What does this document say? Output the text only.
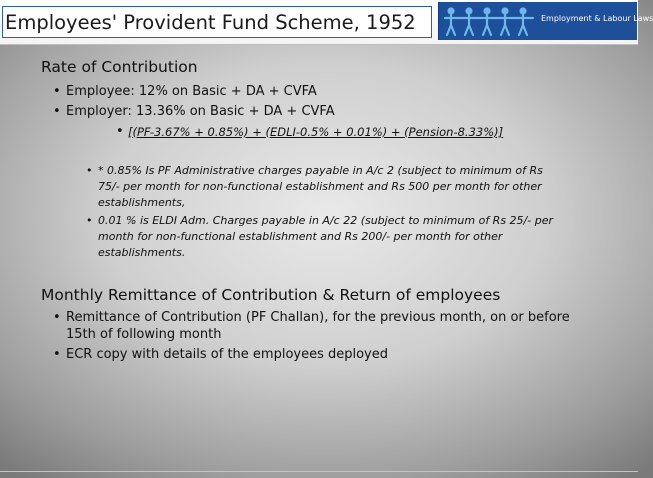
Employees' Provident Fund Scheme, 1952	Employment & Labour Laws
Rate of Contribution
• Employee: 12% on Basic + DA + CVFA
• Employer: 13.36% on Basic + DA + CVFA
• [(PF-3.67% + 0.85%) + (EDLI-0.5% + 0.01%) + (Pension-8.33%)]
• * 0.85% Is PF Administrative charges payable in A/c 2 (subject to minimum of Rs
75/- per month for non-functional establishment and Rs 500 per month for other
establishments,
• 0.01 % is ELDI Adm. Charges payable in A/c 22 (subject to minimum of Rs 25/- per
month for non-functional establishment and Rs 200/- per month for other
establishments.
Monthly Remittance of Contribution & Return of employees
• Remittance of Contribution (PF Challan), for the previous month, on or before
15th of following month
• ECR copy with details of the employees deployed
